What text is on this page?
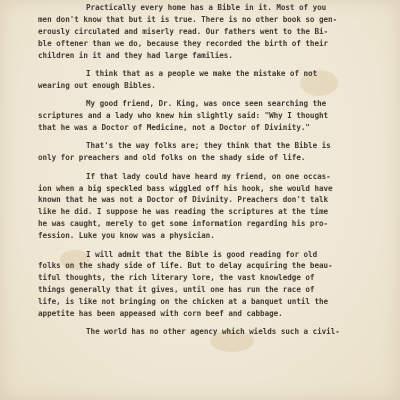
Practically every home has a Bible in it. Most of you
men don't know that but it is true. There is no other book so gen-
erously circulated and miserly read. Our fathers went to the Bi-
ble oftener than we do, because they recorded the birth of their
children in it and they had large families.
I think that as a people we make the mistake of not
wearing out enough Bibles.
My good friend, Dr. King, was once seen searching the
scriptures and a lady who knew him slightly said: "Why I thought
that he was a Doctor of Medicine, not a Doctor of Divinity."
That's the way folks are; they think that the Bible is
only for preachers and old folks on the shady side of life.
If that lady could have heard my friend, on one occas-
ion when a big speckled bass wiggled off his hook, she would have
known that he was not a Doctor of Divinity. Preachers don't talk
like he did. I suppose he was reading the scriptures at the time
he was caught, merely to get some information regarding his pro-
fession. Luke you know was a physician.
I will admit that the Bible is good reading for old
folks on the shady side of life. But to delay acquiring the beau-
tiful thoughts, the rich literary lore, the vast knowledge of
things generally that it gives, until one has run the race of
life, is like not bringing on the chicken at a banquet until the
appetite has been appeased with corn beef and cabbage.
The world has no other agency which wields such a civil-
